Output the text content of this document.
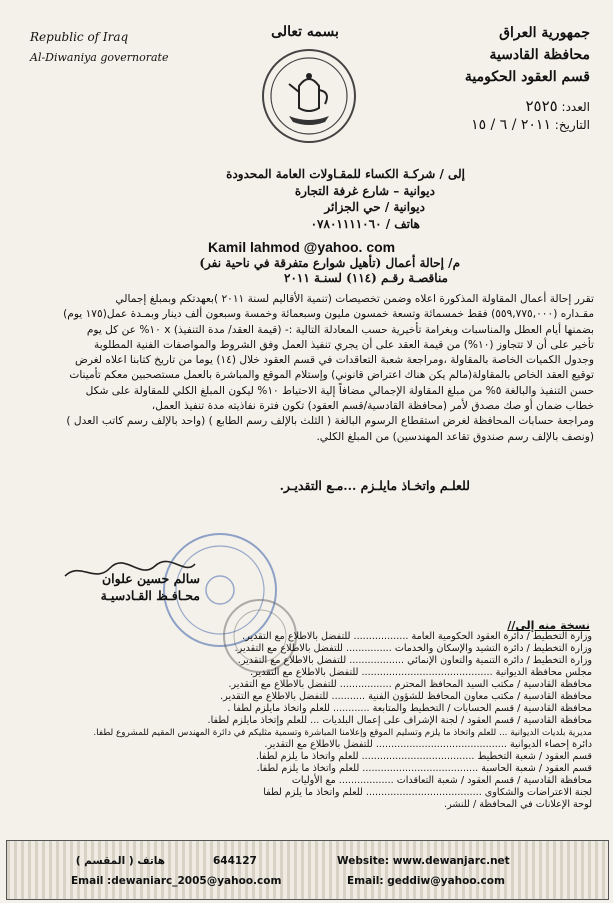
Republic of Iraq
Al-Diwaniya governorate
بسمه تعالى	جمهورية العراق
محافظة القادسية
قسم العقود الحكومية
العدد: ٢٥٢٥
التاريخ: ٢٠١١ / ٦ / ١٥
إلى / شركـة الكساء للمقـاولات العامة المحدودة
ديوانية – شارع غرفة التجارة
ديوانية / حي الجزائر
هاتف / ٠٧٨٠١١١١٠٦٠
Kamil lahmod @yahoo. com
م/ إحالة أعمال (تأهيل شوارع متفرقة في ناحية نفر)
مناقصـة رقـم (١١٤) لسنـة ٢٠١١
تقرر إحالة أعمال المقاولة المذكورة اعلاه وضمن تخصيصات (تنمية الأقاليم لسنة ٢٠١١ )بعهدتكم وبمبلغ إجمالي
مقـداره (٥٥٩,٧٧٥,٠٠٠) فقط خمسمائة وتسعة خمسون مليون وسبعمائة وخمسة وسبعون ألف دينار وبمـدة عمل(١٧٥ يوم)
بضمنها أيام العطل والمناسبات وبغرامة تأخيرية حسب المعادلة التالية :- (قيمة العقد/ مدة التنفيذ) x ١٠% عن كل يوم
تأخير على أن لا تتجاوز (١٠%) من قيمة العقد على أن يجري تنفيذ العمل وفق الشروط والمواصفات الفنية المطلوبة
وجدول الكميات الخاصة بالمقاولة ،ومراجعة شعبة التعاقدات في قسم العقود خلال (١٤) يوما من تاريخ كتابنا اعلاه لغرض
توقيع العقد الخاص بالمقاولة(مالم يكن هناك اعتراض قانوني) وإستلام الموقع والمباشرة بالعمل مستصحبين معكم تأمينات
حسن التنفيذ والبالغة ٥% من مبلغ المقاولة الإجمالي مضافاً إلية الاحتياط ١٠% ليكون المبلغ الكلي للمقاولة على شكل
خطاب ضمان أو صك مصدق لأمر (محافظة القادسية/قسم العقود) تكون فترة نفاذيته مدة تنفيذ العمل،
ومراجعة حسابات المحافظة لغرض استقطاع الرسوم البالغة ( الثلث بالإلف رسم الطابع ) (واحد بالإلف رسم كاتب العدل )
(ونصف بالإلف رسم صندوق تقاعد المهندسين) من المبلغ الكلي.
للعلـم واتخـاذ مايلـزم ...مـع التقديـر.
سالم حسين علوان
محـافـظ القـادسيـة
نسخة منه إلى//
وزارة التخطيط / دائرة العقود الحكومية العامة .................. للتفضل بالاطلاع مع التقدير.
وزارة التخطيط / دائرة التشيد والإسكان والخدمات ............... للتفضل بالاطلاع مع التقدير.
وزارة التخطيط / دائرة التنمية والتعاون الإنمائي .................. للتفضل بالاطلاع مع التقدير.
مجلس محافظة الديوانية ........................................... للتفضل بالاطلاع مع التقدير.
محافظة القادسية / مكتب السيد المحافظ المحترم ................. للتفضل بالاطلاع مع التقدير.
محافظة القادسية / مكتب معاون المحافظ للشؤون الفنية ........... للتفضل بالاطلاع مع التقدير.
محافظة القادسية / قسم الحسابات / التخطيط والمتابعة ............ للعلم واتخاذ مايلزم لطفا .
محافظة القادسية / قسم العقود / لجنة الإشراف على إعمال البلديات ... للعلم وإتخاذ مايلزم لطفا.
مديرية بلديات الديوانية ... للعلم واتخاذ ما يلزم وتسليم الموقع وإعلامنا المباشرة وتسمية مثليكم في دائرة المهندس المقيم للمشروع لطفا.
دائرة إحصاء الديوانية ........................................... للتفضل بالاطلاع مع التقدير.
قسم العقود / شعبة التخطيط ..................................... للعلم واتخاذ ما يلزم لطفا.
قسم العقود / شعبة الحاسبة ...................................... للعلم واتخاذ ما يلزم لطفا.
محافظة القادسية / قسم العقود / شعبة التعاقدات .................. مع الأوليات
لجنة الاعتراضات والشكاوى ...................................... للعلم واتخاذ ما يلزم لطفا
لوحة الإعلانات في المحافظة / للنشر.
هاتف ( المقسم )	644127	Website: www.dewanjarc.net
Email :dewaniarc_2005@yahoo.com	Email: geddiw@yahoo.com
